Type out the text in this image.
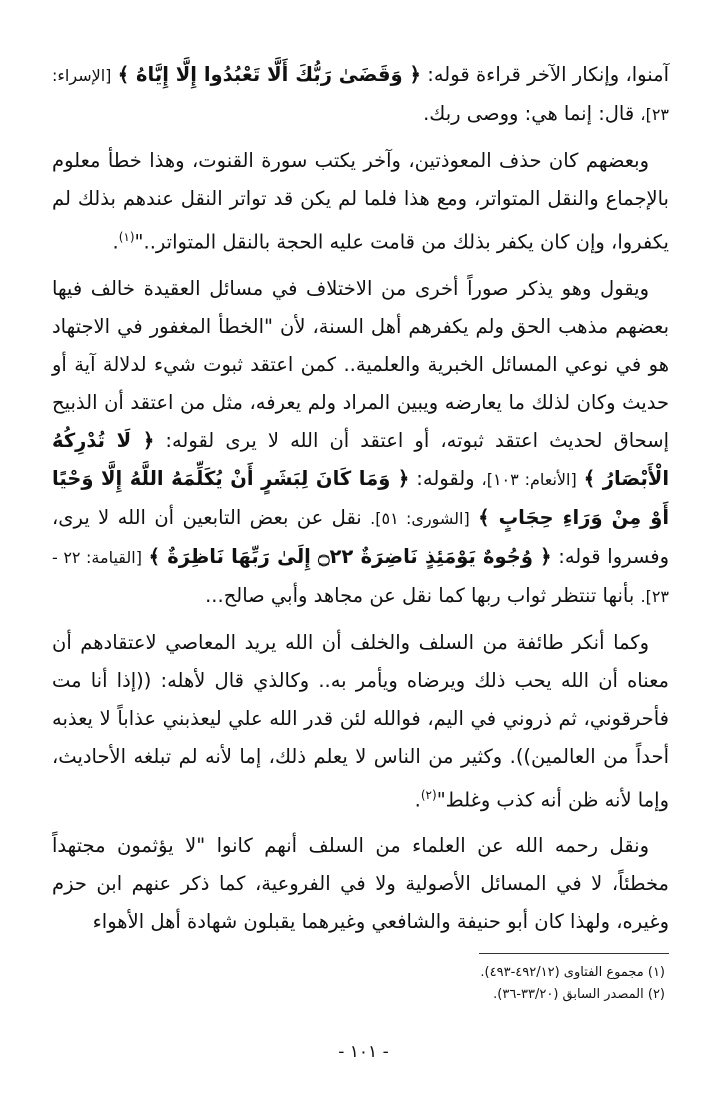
آمنوا، وإنكار الآخر قراءة قوله: ﴿ وَقَضَىٰ رَبُّكَ أَلَّا تَعْبُدُوا إِلَّا إِيَّاهُ ﴾ [الإسراء: ٢٣]، قال: إنما هي: ووصى ربك.

وبعضهم كان حذف المعوذتين، وآخر يكتب سورة القنوت، وهذا خطأ معلوم بالإجماع والنقل المتواتر، ومع هذا فلما لم يكن قد تواتر النقل عندهم بذلك لم يكفروا، وإن كان يكفر بذلك من قامت عليه الحجة بالنقل المتواتر.."$^{(١)}$.

ويقول وهو يذكر صوراً أخرى من الاختلاف في مسائل العقيدة خالف فيها بعضهم مذهب الحق ولم يكفرهم أهل السنة، لأن "الخطأ المغفور في الاجتهاد هو في نوعي المسائل الخبرية والعلمية.. كمن اعتقد ثبوت شيء لدلالة آية أو حديث وكان لذلك ما يعارضه ويبين المراد ولم يعرفه، مثل من اعتقد أن الذبيح إسحاق لحديث اعتقد ثبوته، أو اعتقد أن الله لا يرى لقوله: ﴿ لَا تُدْرِكُهُ الْأَبْصَارُ ﴾ [الأنعام: ١٠٣]، ولقوله: ﴿ وَمَا كَانَ لِبَشَرٍ أَنْ يُكَلِّمَهُ اللَّهُ إِلَّا وَحْيًا أَوْ مِنْ وَرَاءِ حِجَابٍ ﴾ [الشورى: ٥١]. نقل عن بعض التابعين أن الله لا يرى، وفسروا قوله: ﴿ وُجُوهٌ يَوْمَئِذٍ نَاضِرَةٌ ۝٢٢ إِلَىٰ رَبِّهَا نَاظِرَةٌ ﴾ [القيامة: ٢٢ - ٢٣]. بأنها تنتظر ثواب ربها كما نقل عن مجاهد وأبي صالح...

وكما أنكر طائفة من السلف والخلف أن الله يريد المعاصي لاعتقادهم أن معناه أن الله يحب ذلك ويرضاه ويأمر به.. وكالذي قال لأهله: ((إذا أنا مت فأحرقوني، ثم ذروني في اليم، فوالله لئن قدر الله علي ليعذبني عذاباً لا يعذبه أحداً من العالمين)). وكثير من الناس لا يعلم ذلك، إما لأنه لم تبلغه الأحاديث، وإما لأنه ظن أنه كذب وغلط"$^{(٢)}$.

ونقل رحمه الله عن العلماء من السلف أنهم كانوا "لا يؤثمون مجتهداً مخطئاً، لا في المسائل الأصولية ولا في الفروعية، كما ذكر عنهم ابن حزم وغيره، ولهذا كان أبو حنيفة والشافعي وغيرهما يقبلون شهادة أهل الأهواء

(١) مجموع الفتاوى (٤٩٢/١٢-٤٩٣).
(٢) المصدر السابق (٣٣/٢٠-٣٦).
- ١٠١ -
